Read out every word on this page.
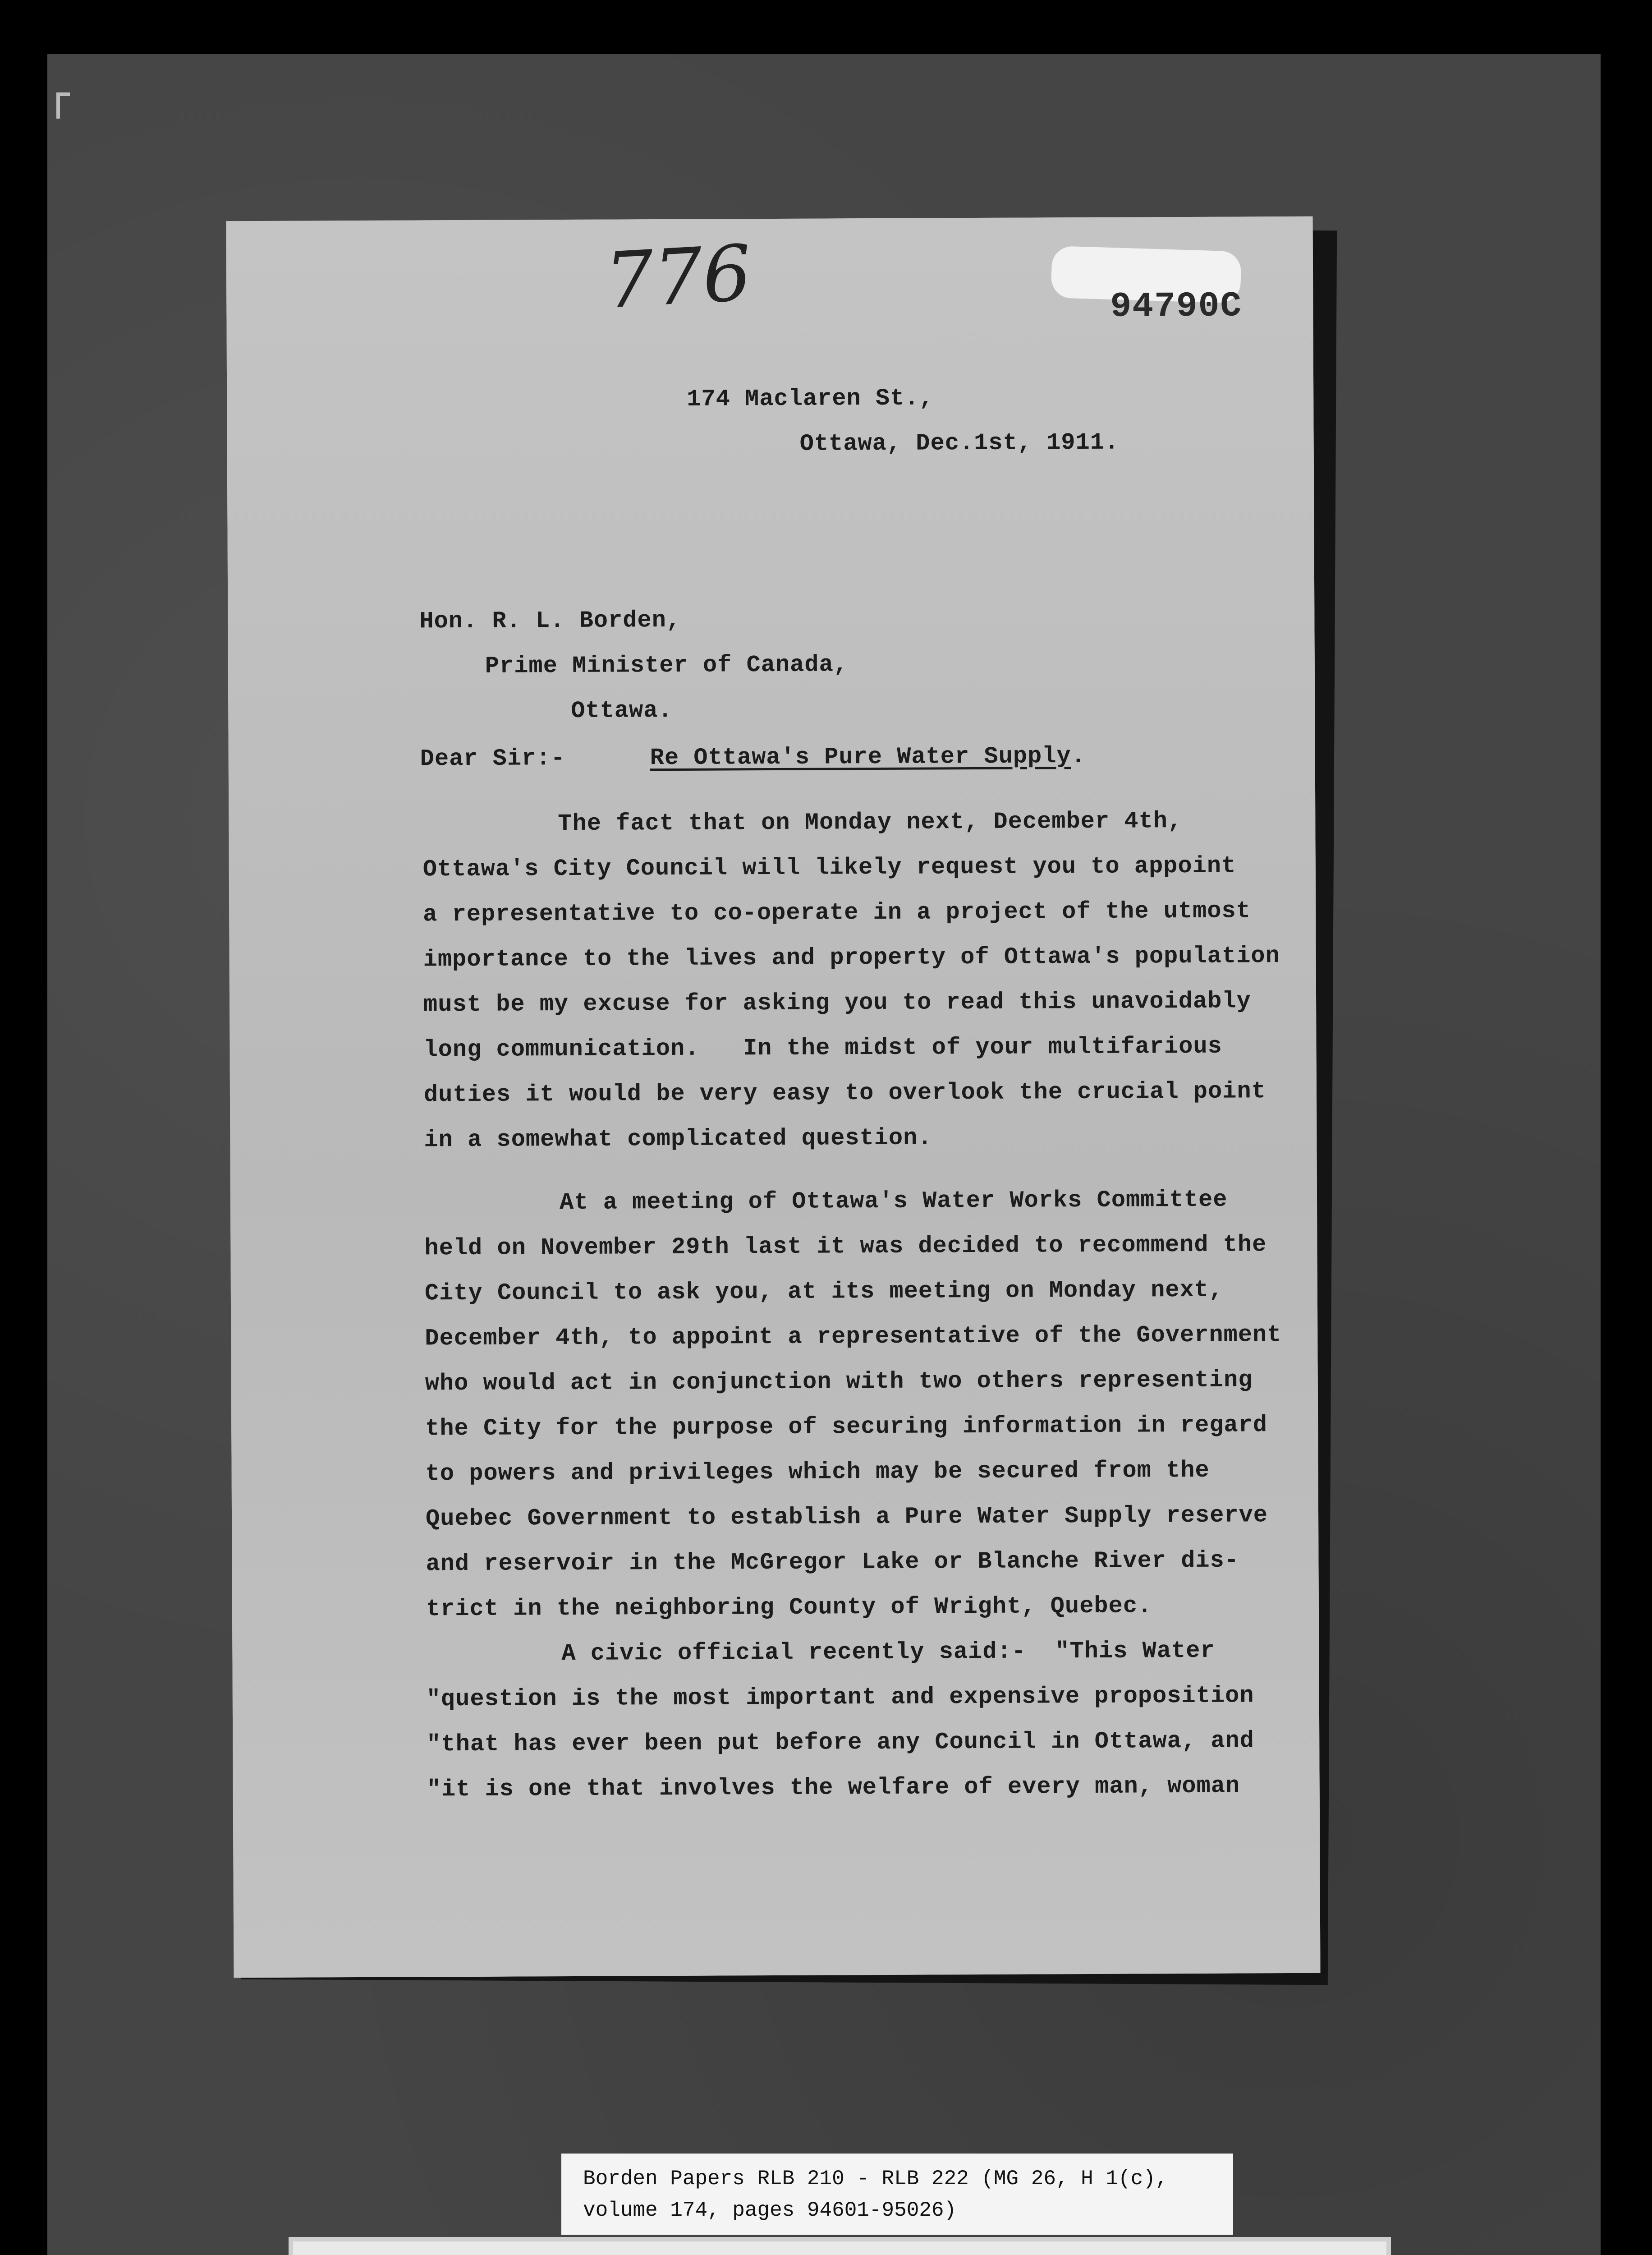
776	94790C
174 Maclaren St.,
Ottawa, Dec.1st, 1911.
Hon. R. L. Borden,
Prime Minister of Canada,
Ottawa.
Dear Sir:-	Re Ottawa's Pure Water Supply.
The fact that on Monday next, December 4th,
Ottawa's City Council will likely request you to appoint
a representative to co-operate in a project of the utmost
importance to the lives and property of Ottawa's population
must be my excuse for asking you to read this unavoidably
long communication.   In the midst of your multifarious
duties it would be very easy to overlook the crucial point
in a somewhat complicated question.
At a meeting of Ottawa's Water Works Committee
held on November 29th last it was decided to recommend the
City Council to ask you, at its meeting on Monday next,
December 4th, to appoint a representative of the Government
who would act in conjunction with two others representing
the City for the purpose of securing information in regard
to powers and privileges which may be secured from the
Quebec Government to establish a Pure Water Supply reserve
and reservoir in the McGregor Lake or Blanche River dis-
trict in the neighboring County of Wright, Quebec.
A civic official recently said:-  "This Water
"question is the most important and expensive proposition
"that has ever been put before any Council in Ottawa, and
"it is one that involves the welfare of every man, woman
Borden Papers RLB 210 - RLB 222 (MG 26, H 1(c),
volume 174, pages 94601-95026)
